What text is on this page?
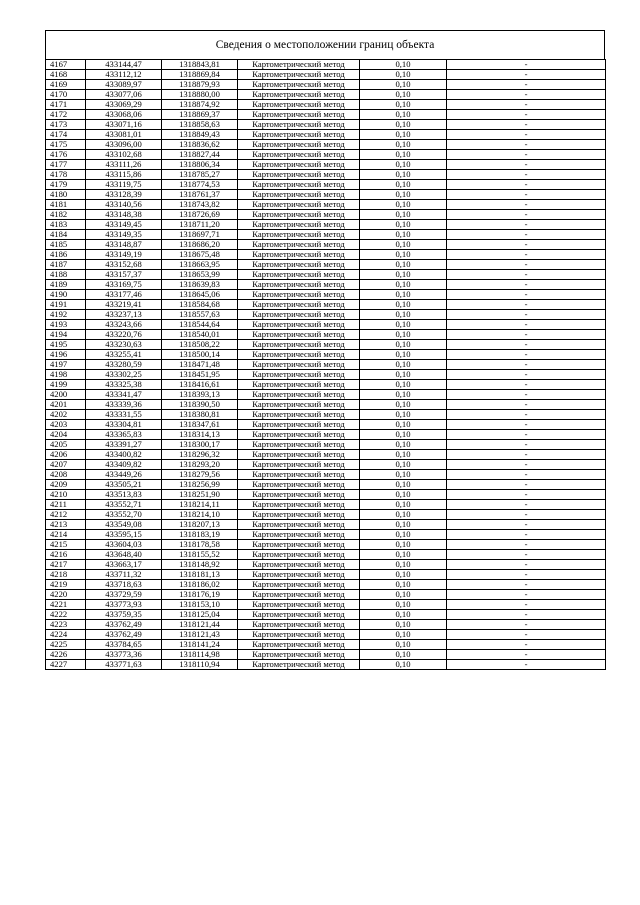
Сведения о местоположении границ объекта
4167	433144,47	1318843,81	Картометрический метод	0,10	-
4168	433112,12	1318869,84	Картометрический метод	0,10	-
4169	433089,97	1318879,93	Картометрический метод	0,10	-
4170	433077,06	1318880,00	Картометрический метод	0,10	-
4171	433069,29	1318874,92	Картометрический метод	0,10	-
4172	433068,06	1318869,37	Картометрический метод	0,10	-
4173	433071,16	1318858,63	Картометрический метод	0,10	-
4174	433081,01	1318849,43	Картометрический метод	0,10	-
4175	433096,00	1318836,62	Картометрический метод	0,10	-
4176	433102,68	1318827,44	Картометрический метод	0,10	-
4177	433111,26	1318806,34	Картометрический метод	0,10	-
4178	433115,86	1318785,27	Картометрический метод	0,10	-
4179	433119,75	1318774,53	Картометрический метод	0,10	-
4180	433128,39	1318761,37	Картометрический метод	0,10	-
4181	433140,56	1318743,82	Картометрический метод	0,10	-
4182	433148,38	1318726,69	Картометрический метод	0,10	-
4183	433149,45	1318711,20	Картометрический метод	0,10	-
4184	433149,35	1318697,71	Картометрический метод	0,10	-
4185	433148,87	1318686,20	Картометрический метод	0,10	-
4186	433149,19	1318675,48	Картометрический метод	0,10	-
4187	433152,68	1318663,95	Картометрический метод	0,10	-
4188	433157,37	1318653,99	Картометрический метод	0,10	-
4189	433169,75	1318639,83	Картометрический метод	0,10	-
4190	433177,46	1318645,06	Картометрический метод	0,10	-
4191	433219,41	1318584,68	Картометрический метод	0,10	-
4192	433237,13	1318557,63	Картометрический метод	0,10	-
4193	433243,66	1318544,64	Картометрический метод	0,10	-
4194	433220,76	1318540,01	Картометрический метод	0,10	-
4195	433230,63	1318508,22	Картометрический метод	0,10	-
4196	433255,41	1318500,14	Картометрический метод	0,10	-
4197	433280,59	1318471,48	Картометрический метод	0,10	-
4198	433302,25	1318451,95	Картометрический метод	0,10	-
4199	433325,38	1318416,61	Картометрический метод	0,10	-
4200	433341,47	1318393,13	Картометрический метод	0,10	-
4201	433339,36	1318390,50	Картометрический метод	0,10	-
4202	433331,55	1318380,81	Картометрический метод	0,10	-
4203	433304,81	1318347,61	Картометрический метод	0,10	-
4204	433365,83	1318314,13	Картометрический метод	0,10	-
4205	433391,27	1318300,17	Картометрический метод	0,10	-
4206	433400,82	1318296,32	Картометрический метод	0,10	-
4207	433409,82	1318293,20	Картометрический метод	0,10	-
4208	433449,26	1318279,56	Картометрический метод	0,10	-
4209	433505,21	1318256,99	Картометрический метод	0,10	-
4210	433513,83	1318251,90	Картометрический метод	0,10	-
4211	433552,71	1318214,11	Картометрический метод	0,10	-
4212	433552,70	1318214,10	Картометрический метод	0,10	-
4213	433549,08	1318207,13	Картометрический метод	0,10	-
4214	433595,15	1318183,19	Картометрический метод	0,10	-
4215	433604,03	1318178,58	Картометрический метод	0,10	-
4216	433648,40	1318155,52	Картометрический метод	0,10	-
4217	433663,17	1318148,92	Картометрический метод	0,10	-
4218	433711,32	1318181,13	Картометрический метод	0,10	-
4219	433718,63	1318186,02	Картометрический метод	0,10	-
4220	433729,59	1318176,19	Картометрический метод	0,10	-
4221	433773,93	1318153,10	Картометрический метод	0,10	-
4222	433759,35	1318125,04	Картометрический метод	0,10	-
4223	433762,49	1318121,44	Картометрический метод	0,10	-
4224	433762,49	1318121,43	Картометрический метод	0,10	-
4225	433784,65	1318141,24	Картометрический метод	0,10	-
4226	433773,36	1318114,98	Картометрический метод	0,10	-
4227	433771,63	1318110,94	Картометрический метод	0,10	-
